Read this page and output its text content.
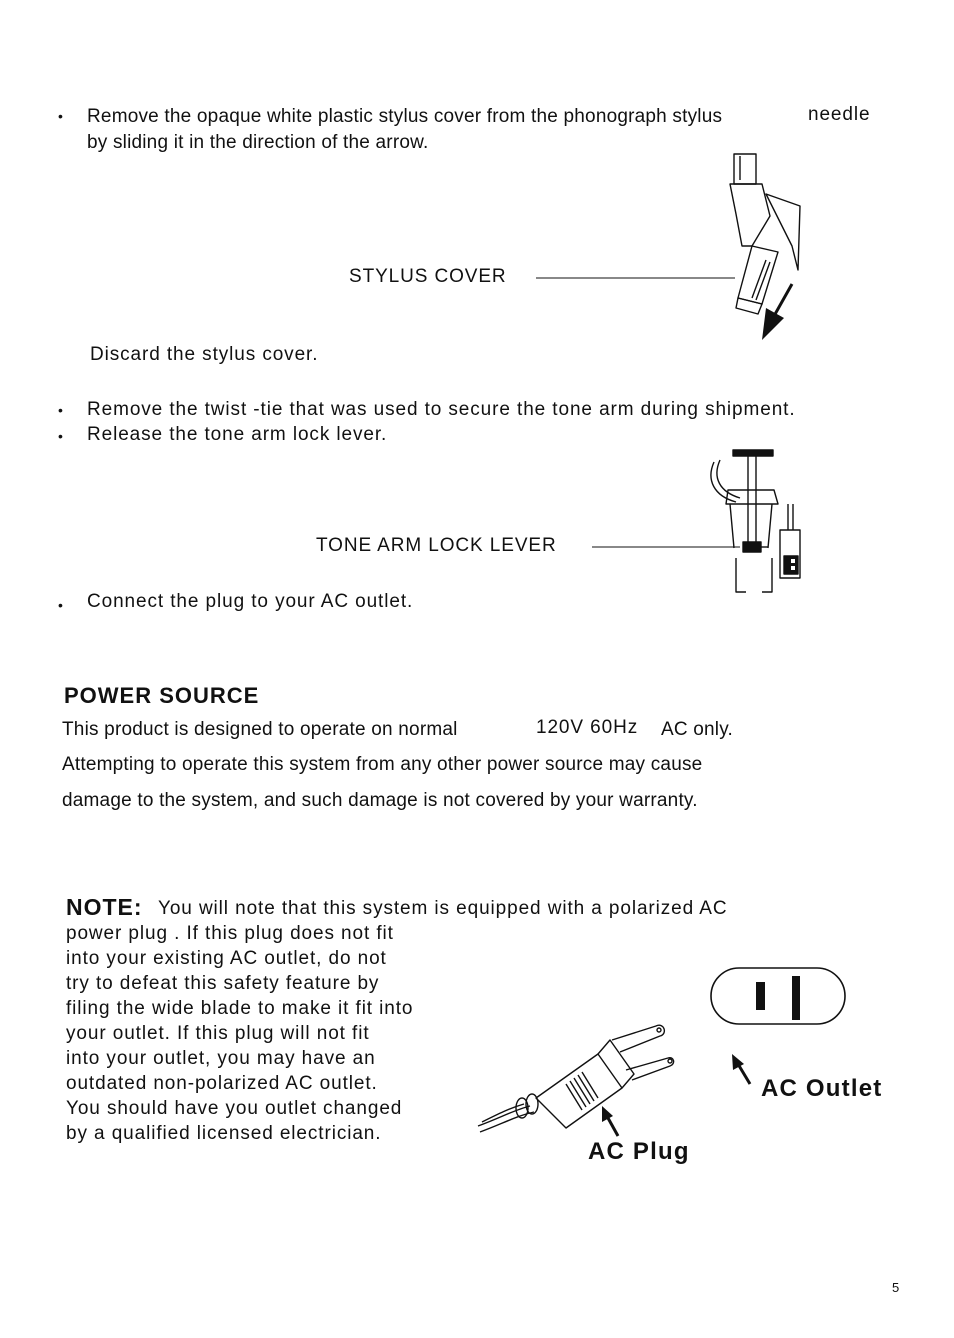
• Remove the opaque white plastic stylus cover from the phonograph stylus	needle
by sliding it in the direction of the arrow.
STYLUS COVER
Discard the stylus cover.
• Remove the twist -tie that was used to secure the tone arm during shipment.
• Release the tone arm lock lever.
TONE ARM LOCK LEVER
• Connect the plug to your AC outlet.
POWER SOURCE
This product is designed to operate on normal	120V 60Hz AC only.
Attempting to operate this system from any other power source may cause
damage to the system, and such damage is not covered by your warranty.
NOTE: You will note that this system is equipped with a polarized AC
power plug . If this plug does not fit
into your existing AC outlet, do not
try to defeat this safety feature by
filing the wide blade to make it fit into
your outlet. If this plug will not fit
into your outlet, you may have an
outdated non-polarized AC outlet.
You should have you outlet changed
by a qualified licensed electrician.
AC Outlet
AC Plug
5
